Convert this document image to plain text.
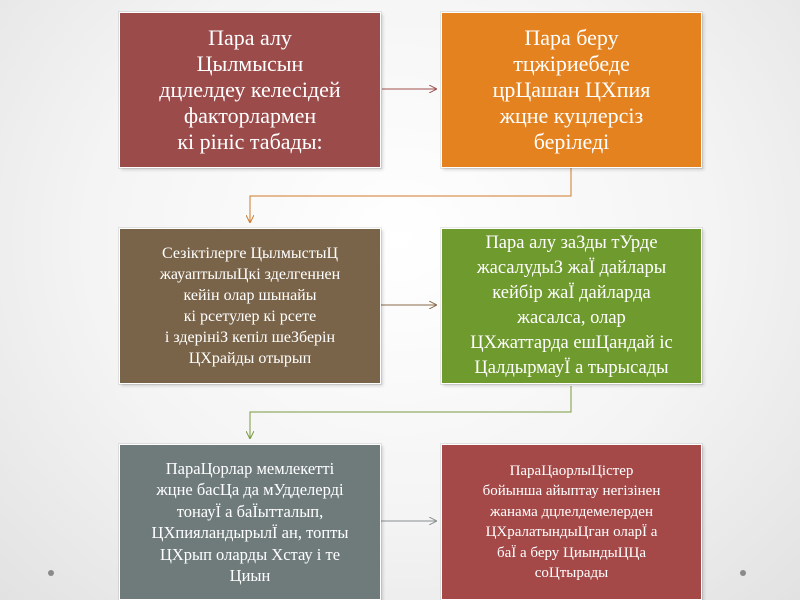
Пара алу
Цылмысын
дцлелдеу келесідей
факторлармен
кі рініс табады:
Пара беру
тцжіриебеде
црЦашан ЦХпия
жцне куцлерсіз
беріледі
Сезіктілерге ЦылмыстыЦ
жауаптылыЦкі зделгеннен
кейін олар шынайы
кі рсетулер кі рсете
і здерініЗ кепіл шеЗберін
ЦХрайды отырып
Пара алу заЗды тУрде
жасалудыЗ жаЇ дайлары
кейбір жаЇ дайларда
жасалса, олар
ЦХжаттарда ешЦандай іс
ЦалдырмауЇ а тырысады
ПараЦорлар мемлекетті
жцне басЦа да мУдделерді
тонауЇ а баЇытталып,
ЦХпияландырылЇ ан, топты
ЦХрып оларды Хстау і те
Циын
ПараЦаорлыЦістер
бойынша айыптау негізінен
жанама дцлелдемелерден
ЦХралатындыЦган оларЇ а
баЇ а беру ЦиындыЦЦа
соЦтырады
